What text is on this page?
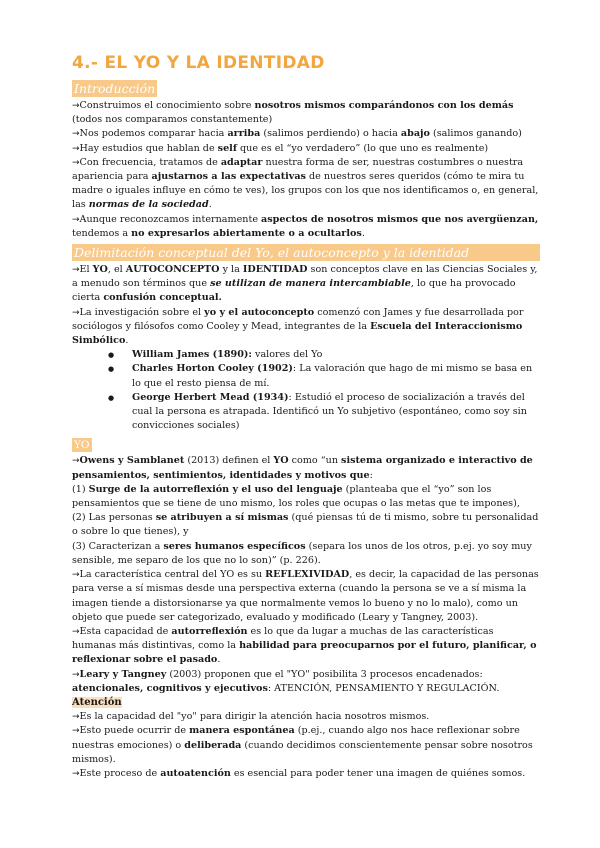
4.- EL YO Y LA IDENTIDAD
Introducción

→Construimos el conocimiento sobre nosotros mismos comparándonos con los demás (todos nos comparamos constantemente)

→Nos podemos comparar hacia arriba (salimos perdiendo) o hacia abajo (salimos ganando)

→Hay estudios que hablan de self que es el “yo verdadero” (lo que uno es realmente)

→Con frecuencia, tratamos de adaptar nuestra forma de ser, nuestras costumbres o nuestra apariencia para ajustarnos a las expectativas de nuestros seres queridos (cómo te mira tu madre o iguales influye en cómo te ves), los grupos con los que nos identificamos o, en general, las normas de la sociedad.

→Aunque reconozcamos internamente aspectos de nosotros mismos que nos avergüenzan, tendemos a no expresarlos abiertamente o a ocultarlos.

Delimitación conceptual del Yo, el autoconcepto y la identidad

→El YO, el AUTOCONCEPTO y la IDENTIDAD son conceptos clave en las Ciencias Sociales y, a menudo son términos que se utilizan de manera intercambiable, lo que ha provocado cierta confusión conceptual.

→La investigación sobre el yo y el autoconcepto comenzó con James y fue desarrollada por sociólogos y filósofos como Cooley y Mead, integrantes de la Escuela del Interaccionismo Simbólico.

● William James (1890): valores del Yo
● Charles Horton Cooley (1902): La valoración que hago de mi mismo se basa en lo que el resto piensa de mí.
● George Herbert Mead (1934): Estudió el proceso de socialización a través del cual la persona es atrapada. Identificó un Yo subjetivo (espontáneo, como soy sin convicciones sociales)
YO

→Owens y Samblanet (2013) definen el YO como “un sistema organizado e interactivo de pensamientos, sentimientos, identidades y motivos que:

(1) Surge de la autorreflexión y el uso del lenguaje (planteaba que el “yo” son los pensamientos que se tiene de uno mismo, los roles que ocupas o las metas que te impones),

(2) Las personas se atribuyen a sí mismas (qué piensas tú de ti mismo, sobre tu personalidad o sobre lo que tienes), y

(3) Caracterizan a seres humanos específicos (separa los unos de los otros, p.ej. yo soy muy sensible, me separo de los que no lo son)” (p. 226).

→La característica central del YO es su REFLEXIVIDAD, es decir, la capacidad de las personas para verse a sí mismas desde una perspectiva externa (cuando la persona se ve a sí misma la imagen tiende a distorsionarse ya que normalmente vemos lo bueno y no lo malo), como un objeto que puede ser categorizado, evaluado y modificado (Leary y Tangney, 2003).

→Esta capacidad de autorreflexión es lo que da lugar a muchas de las características humanas más distintivas, como la habilidad para preocuparnos por el futuro, planificar, o reflexionar sobre el pasado.

→Leary y Tangney (2003) proponen que el "YO" posibilita 3 procesos encadenados: atencionales, cognitivos y ejecutivos: ATENCIÓN, PENSAMIENTO Y REGULACIÓN.

Atención

→Es la capacidad del "yo" para dirigir la atención hacia nosotros mismos.

→Esto puede ocurrir de manera espontánea (p.ej., cuando algo nos hace reflexionar sobre nuestras emociones) o deliberada (cuando decidimos conscientemente pensar sobre nosotros mismos).

→Este proceso de autoatención es esencial para poder tener una imagen de quiénes somos.
